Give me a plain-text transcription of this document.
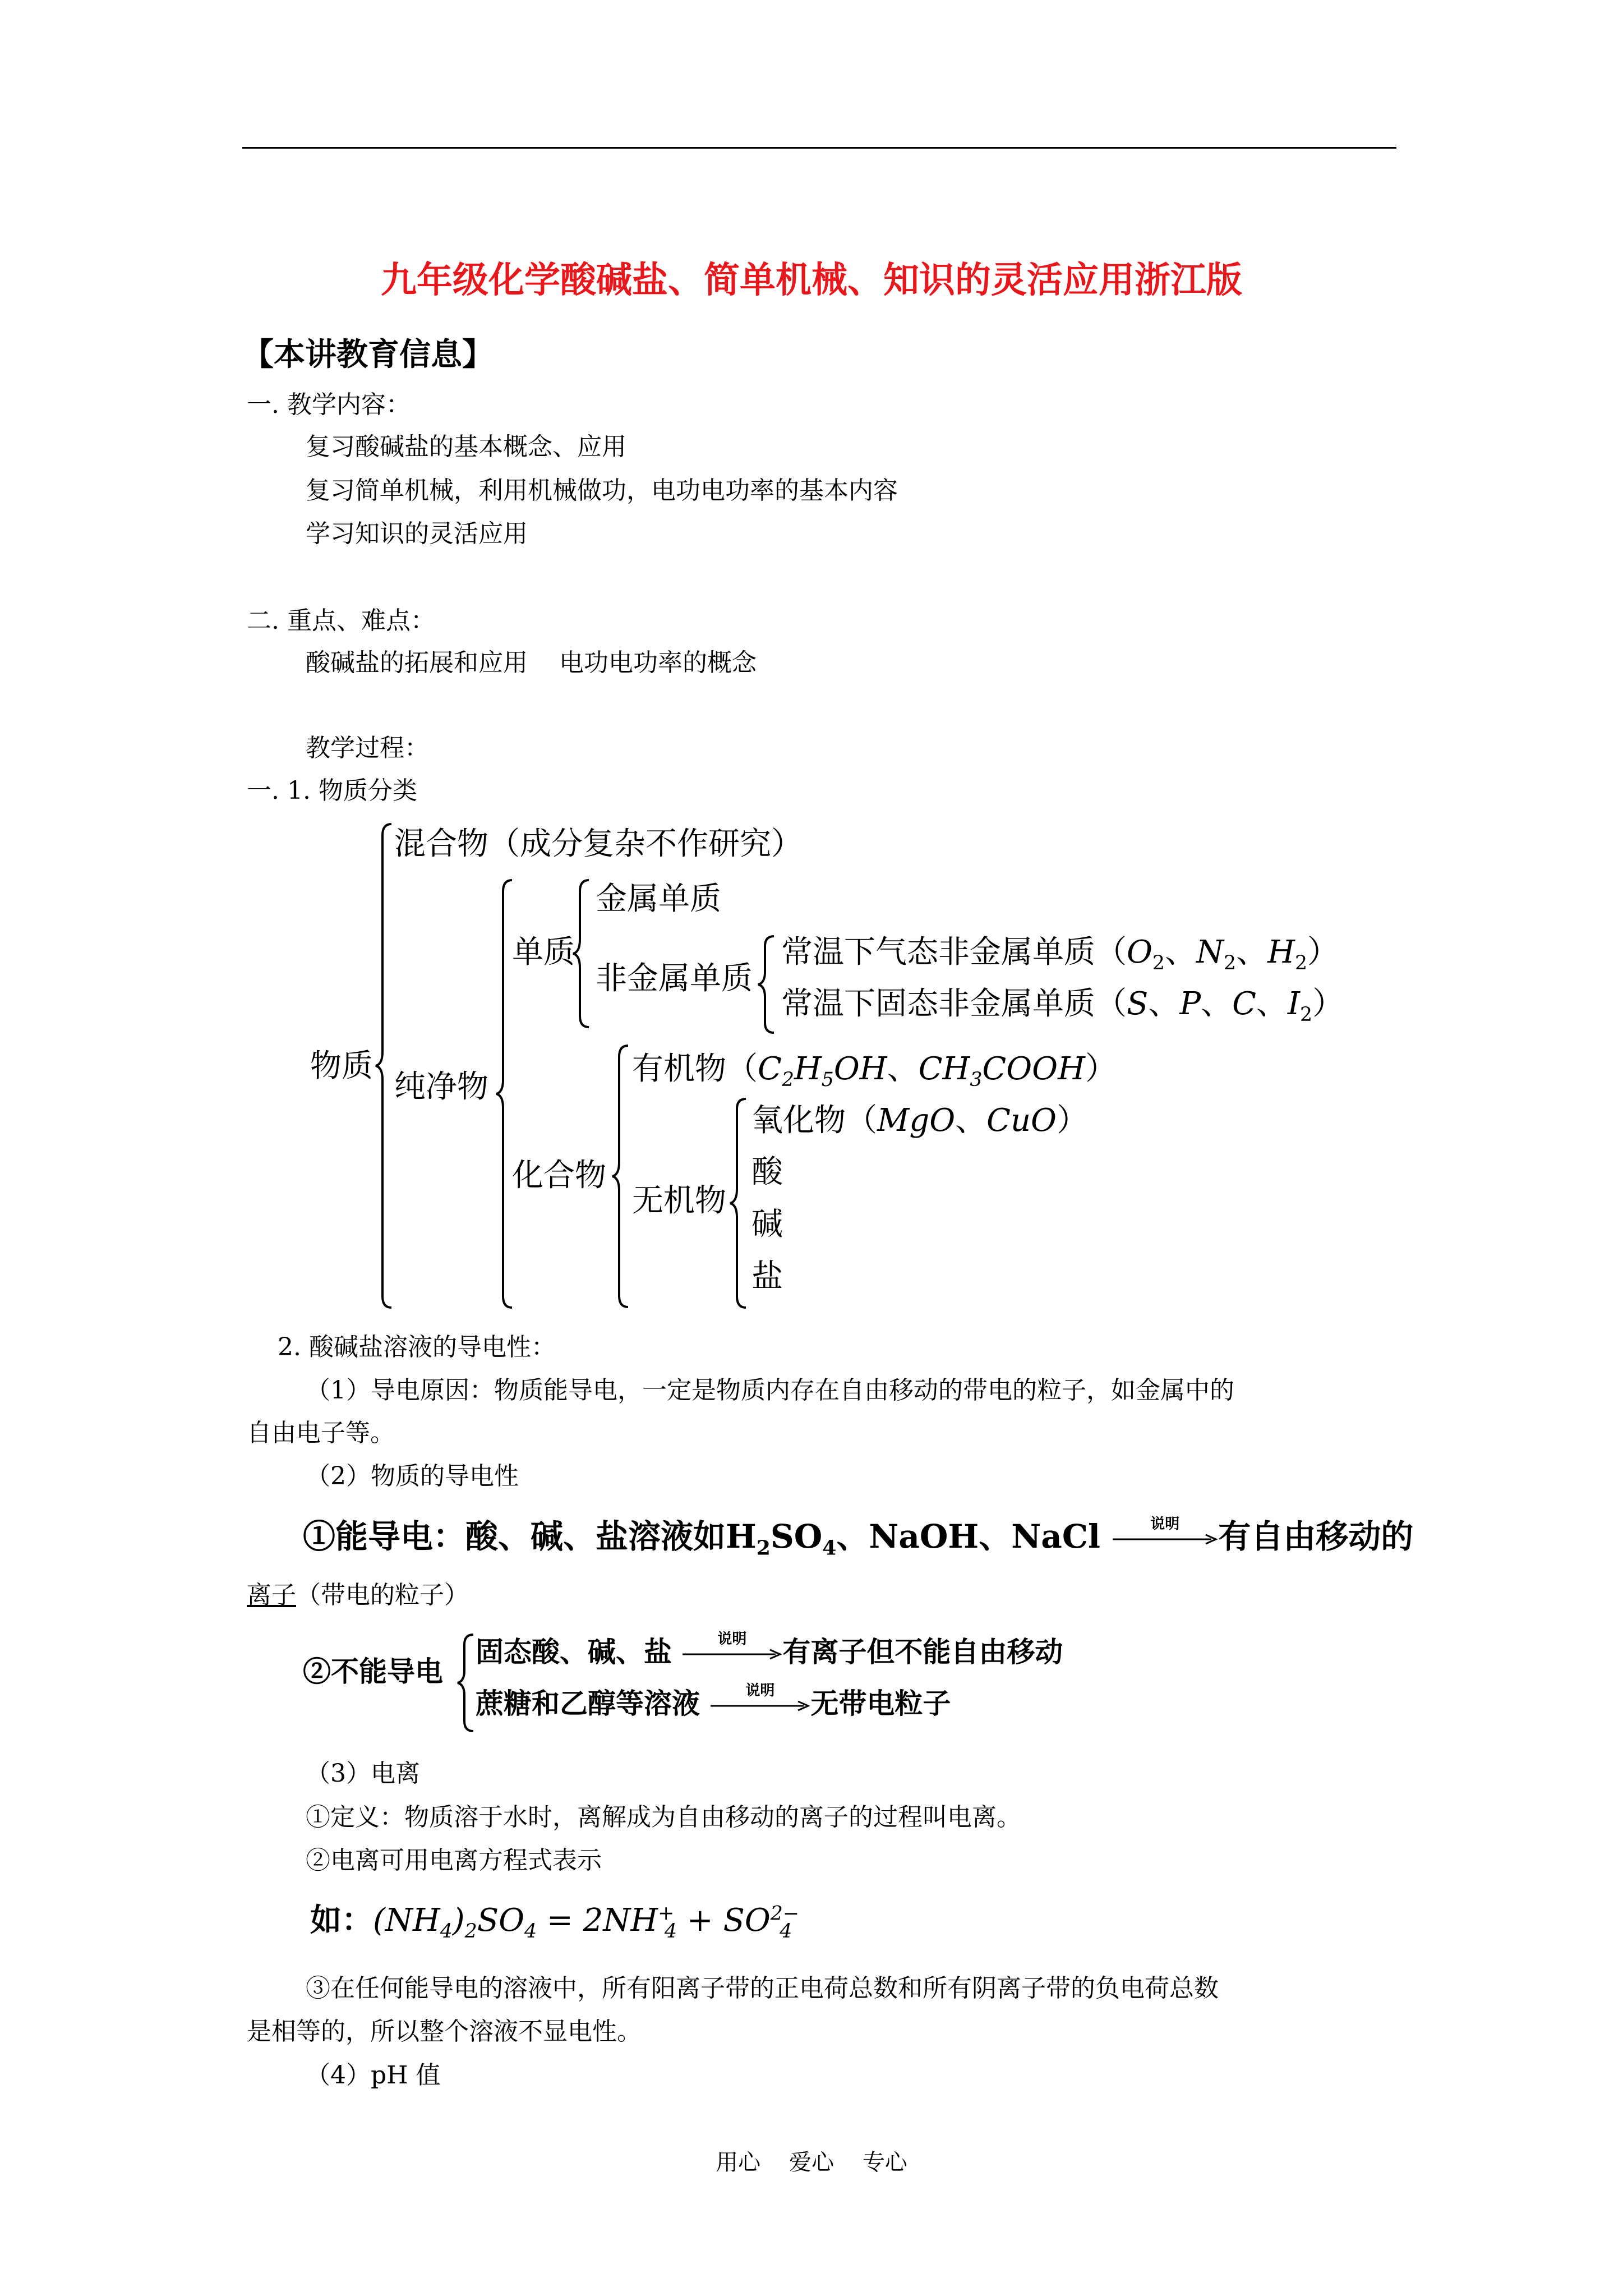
九年级化学酸碱盐、简单机械、知识的灵活应用浙江版
【本讲教育信息】
一. 教学内容：
复习酸碱盐的基本概念、应用
复习简单机械，利用机械做功，电功电功率的基本内容
学习知识的灵活应用
二. 重点、难点：
酸碱盐的拓展和应用    电功电功率的概念
教学过程：
一. 1. 物质分类
物质
混合物（成分复杂不作研究）
纯净物
单质
金属单质
非金属单质
常温下气态非金属单质（$O_2$、$N_2$、$H_2$）
常温下固态非金属单质（S、P、C、$I_2$）
化合物
有机物（$C_2H_5OH$、$CH_3COOH$）
无机物
氧化物（MgO、CuO）
酸
碱
盐
2. 酸碱盐溶液的导电性：
（1）导电原因：物质能导电，一定是物质内存在自由移动的带电的粒子，如金属中的
自由电子等。
（2）物质的导电性
①能导电：酸、碱、盐溶液如$H_2SO_4$、NaOH、NaCl	说明	有自由移动的
离子（带电的粒子）
②不能导电
固态酸、碱、盐	说明	有离子但不能自由移动
蔗糖和乙醇等溶液	说明	无带电粒子
（3）电离
①定义：物质溶于水时，离解成为自由移动的离子的过程叫电离。
②电离可用电离方程式表示
如：$(NH_4)_2SO_4 = 2NH^+_4 + SO^{2-}_4$
③在任何能导电的溶液中，所有阳离子带的正电荷总数和所有阴离子带的负电荷总数
是相等的，所以整个溶液不显电性。
（4）pH 值
用心    爱心    专心
